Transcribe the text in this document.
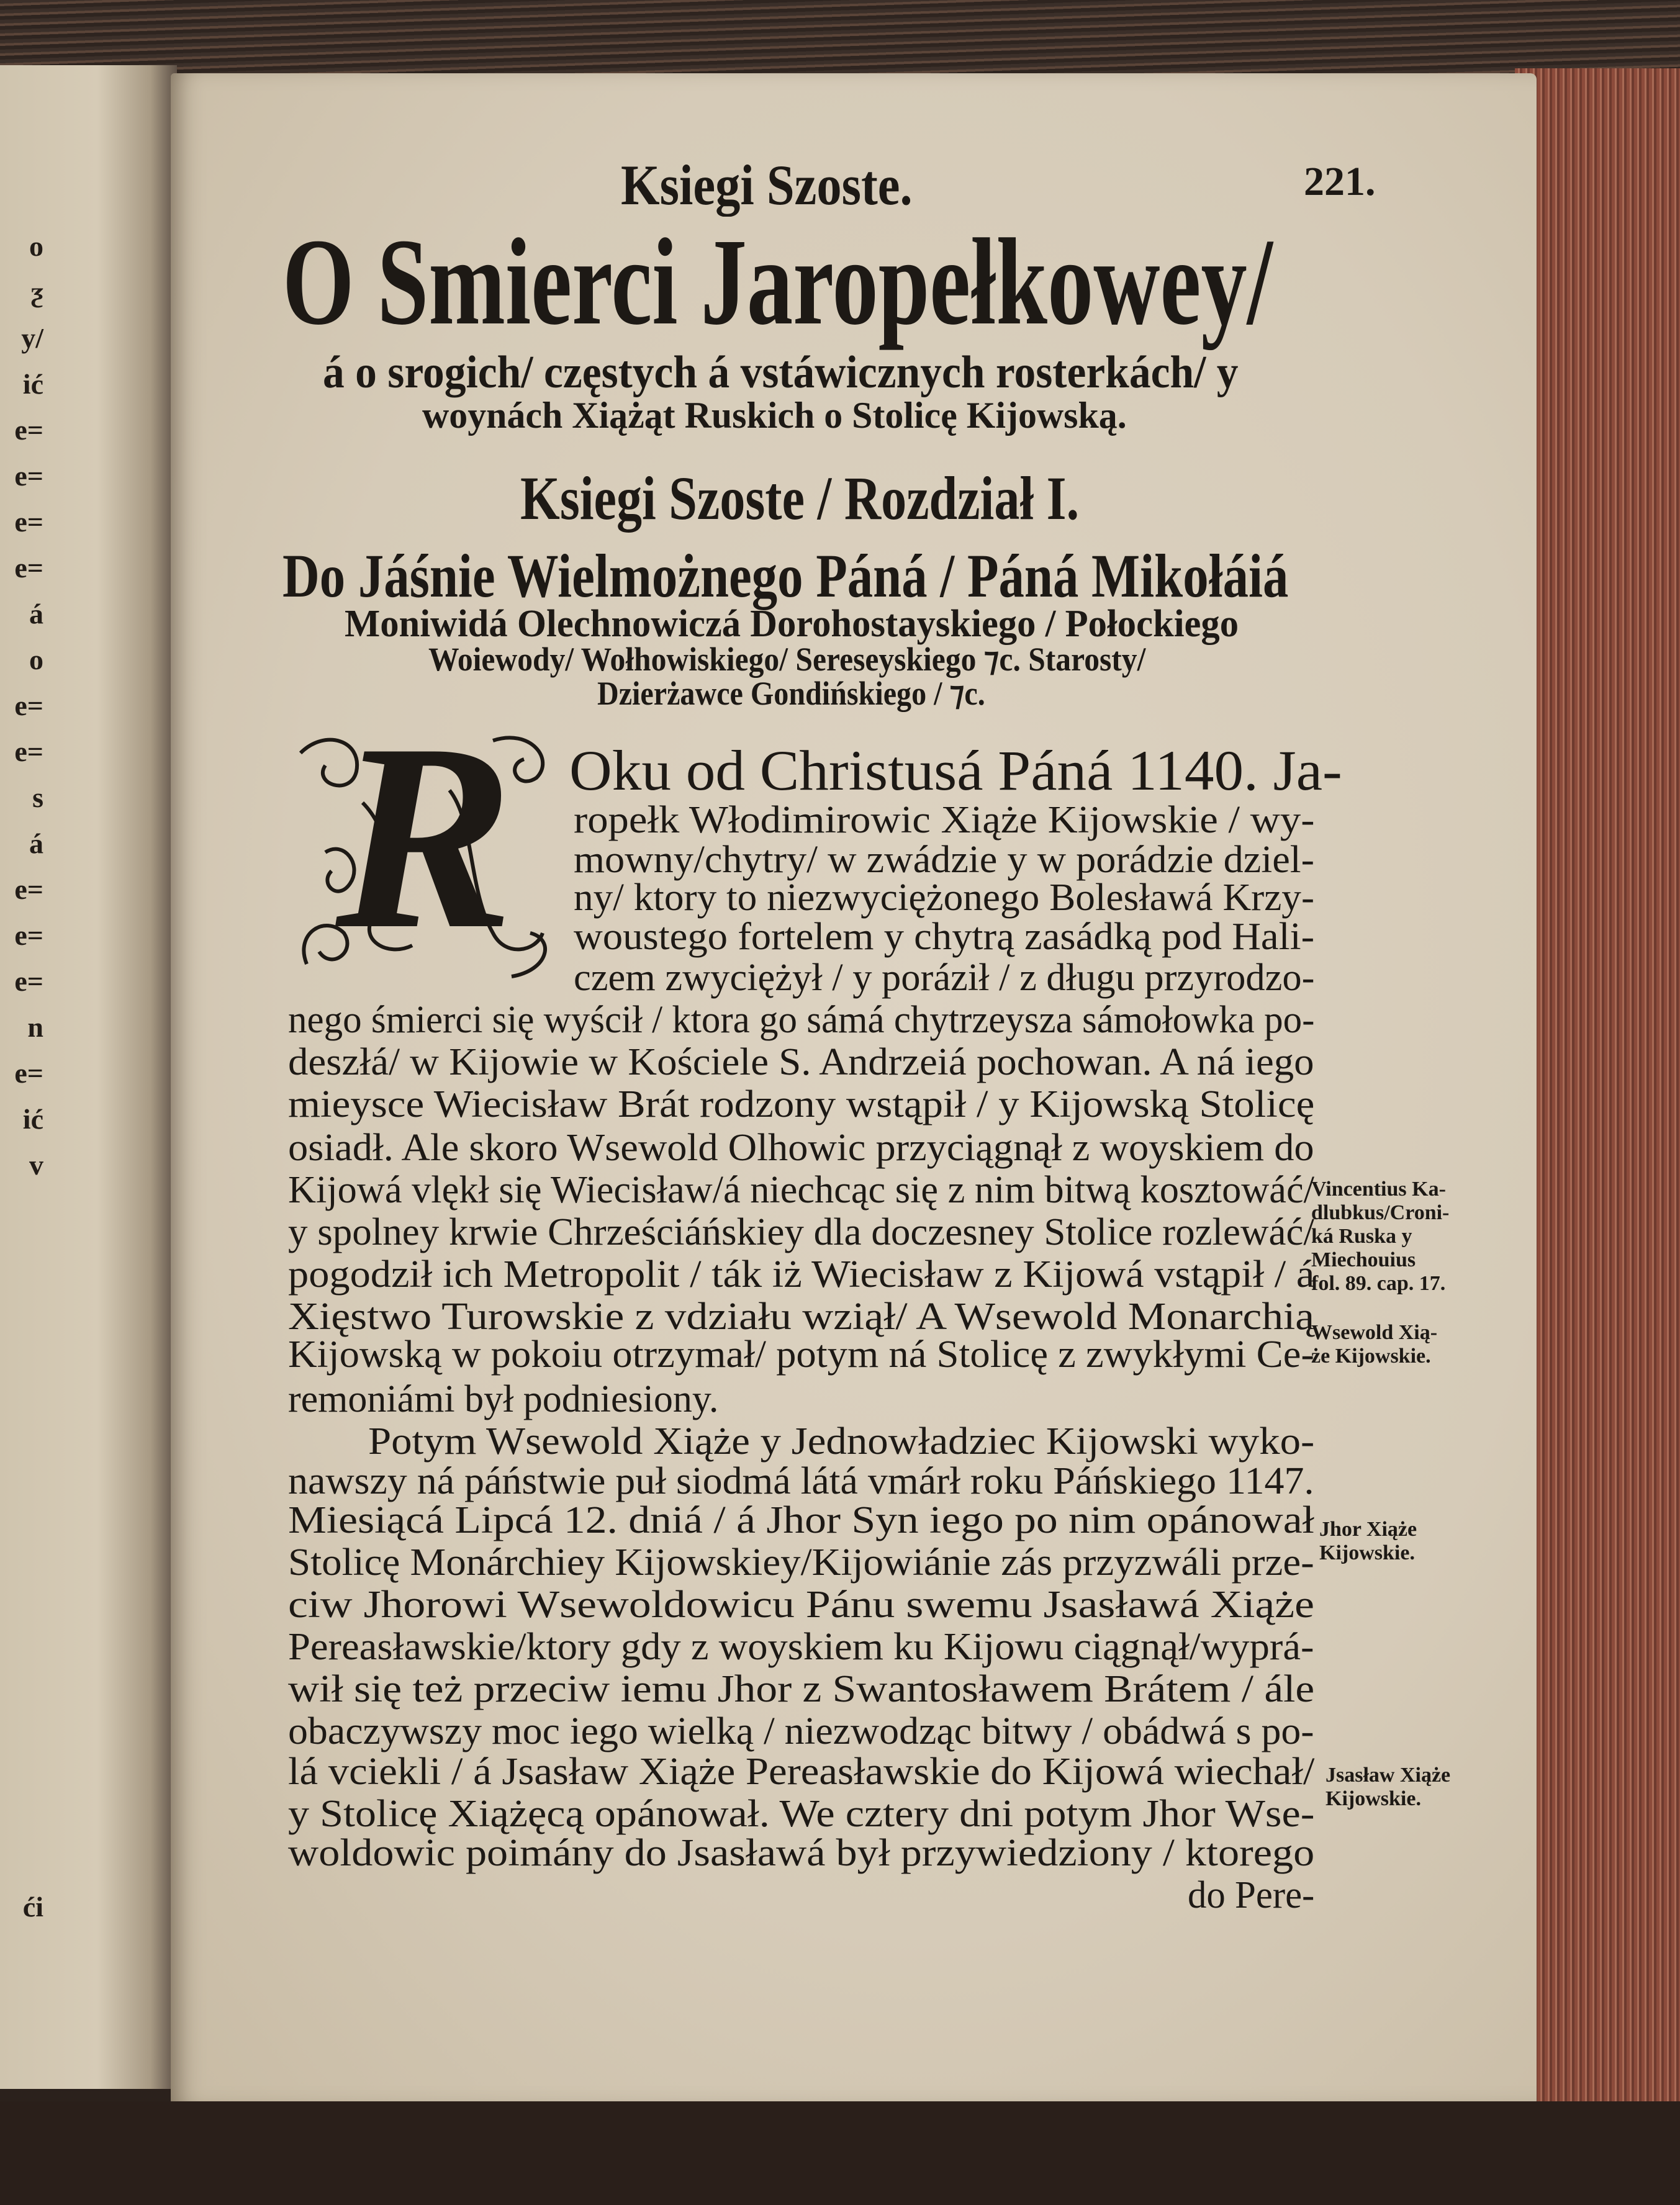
o
ƺ
y/
ić
e=
e=
e=
e=
á
o
e=
e=
s
á
e=
e=
e=
n
e=
ić
v
ći
Ksiegi Szoste.	221.
O Smierci Jaropełkowey/
á o srogich/ częstych á vstáwicznych rosterkách/ y
woynách Xiążąt Ruskich o Stolicę Kijowską.
Ksiegi Szoste / Rozdział I.
Do Jáśnie Wielmożnego Páná / Páná Mikołáiá
Moniwidá Olechnowiczá Dorohostayskiego / Połockiego
Woiewody/ Wołhowiskiego/ Sereseyskiego ⁊c. Starosty/
Dzierżawce Gondińskiego / ⁊c.
R Oku od Christusá Páná 1140. Ja-
ropełk Włodimirowic Xiąże Kijowskie / wy-
mowny/chytry/ w zwádzie y w porádzie dziel-
ny/ ktory to niezwyciężonego Bolesławá Krzy-
woustego fortelem y chytrą zasádką pod Hali-
czem zwyciężył / y poráził / z długu przyrodzo-
nego śmierci się wyścił / ktora go sámá chytrzeysza sámołowka po-
deszłá/ w Kijowie w Kościele S. Andrzeiá pochowan. A ná iego
mieysce Wiecisław Brát rodzony wstąpił / y Kijowską Stolicę
osiadł. Ale skoro Wsewold Olhowic przyciągnął z woyskiem do
Kijowá vlękł się Wiecisław/á niechcąc się z nim bitwą kosztowáć/
y spolney krwie Chrześciáńskiey dla doczesney Stolice rozlewáć/
pogodził ich Metropolit / ták iż Wiecisław z Kijowá vstąpił / á
Xięstwo Turowskie z vdziału wziął/ A Wsewold Monarchią
Kijowską w pokoiu otrzymał/ potym ná Stolicę z zwykłymi Ce-
remoniámi był podniesiony.
Potym Wsewold Xiąże y Jednowładziec Kijowski wyko-
nawszy ná páństwie puł siodmá látá vmárł roku Páńskiego 1147.
Miesiącá Lipcá 12. dniá / á Jhor Syn iego po nim opánował
Stolicę Monárchiey Kijowskiey/Kijowiánie zás przyzwáli prze-
ciw Jhorowi Wsewoldowicu Pánu swemu Jsasławá Xiąże
Pereasławskie/ktory gdy z woyskiem ku Kijowu ciągnął/wyprá-
wił się też przeciw iemu Jhor z Swantosławem Brátem / ále
obaczywszy moc iego wielką / niezwodząc bitwy / obádwá s po-
lá vciekli / á Jsasław Xiąże Pereasławskie do Kijowá wiechał/
y Stolicę Xiążęcą opánował. We cztery dni potym Jhor Wse-
woldowic poimány do Jsasławá był przywiedziony / ktorego
do Pere-
Vincentius Ka-
dlubkus/Croni-
ká Ruska y
Miechouius
fol. 89. cap. 17.
Wsewold Xią-
że Kijowskie.
Jhor Xiąże
Kijowskie.
Jsasław Xiąże
Kijowskie.
